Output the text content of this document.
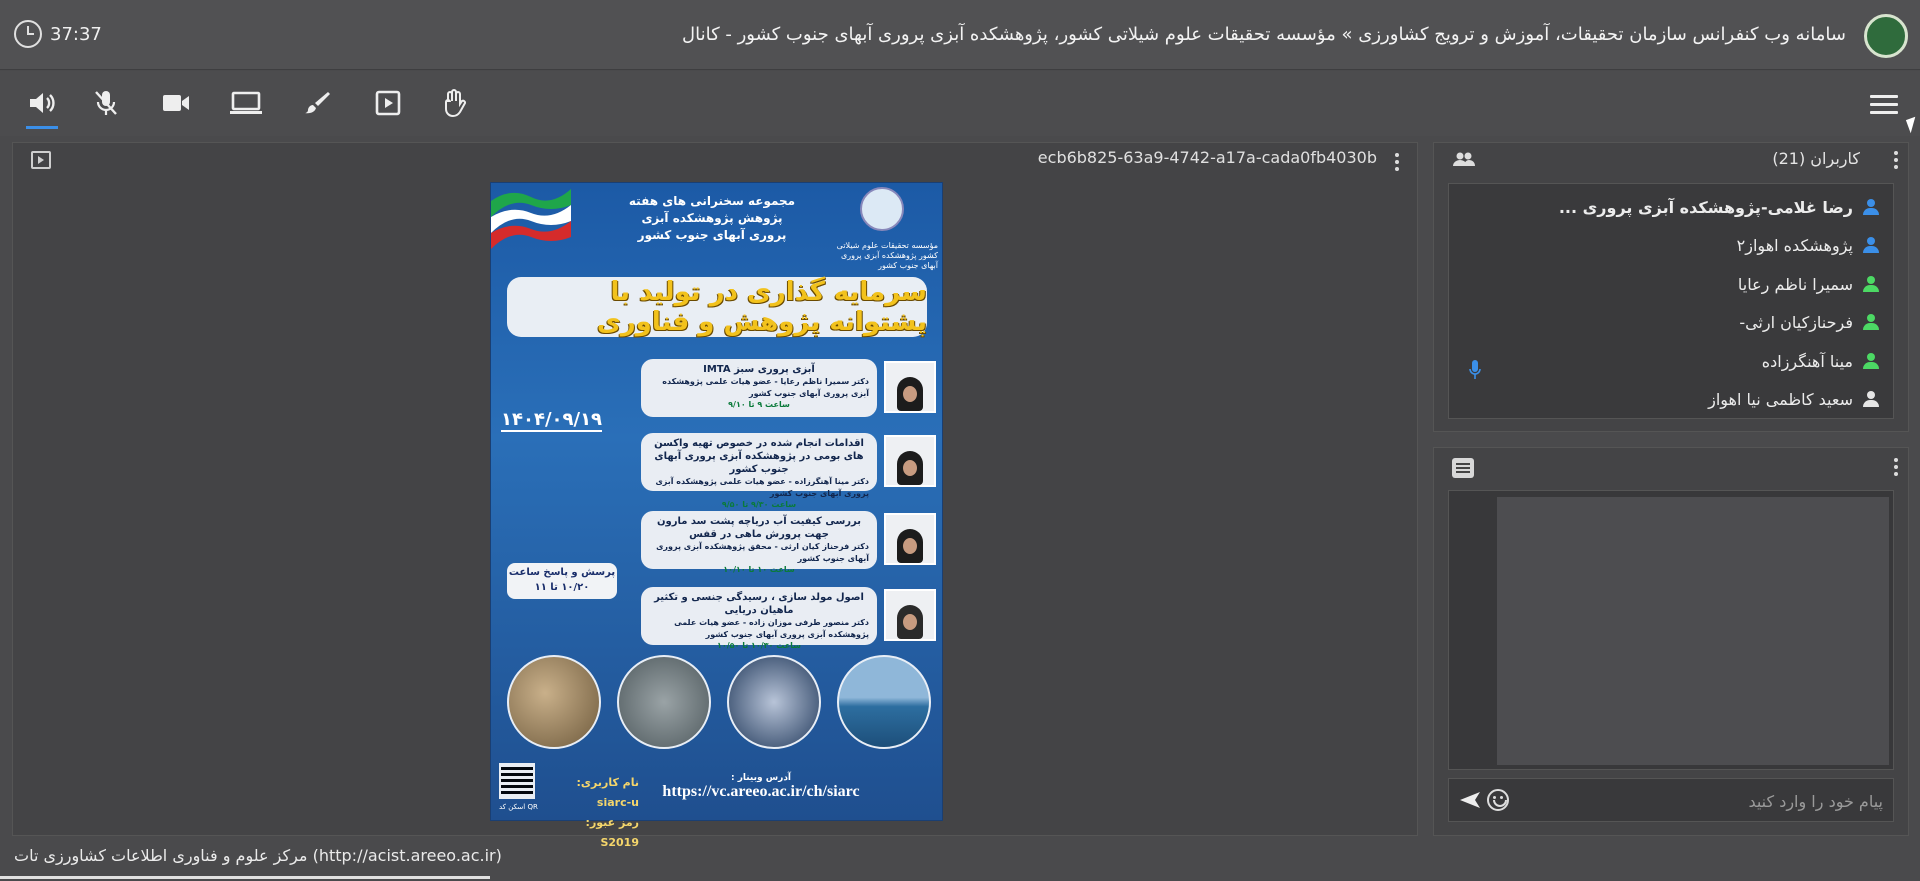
37:37	سامانه وب کنفرانس سازمان تحقیقات، آموزش و ترویج کشاورزی » مؤسسه تحقیقات علوم شیلاتی کشور، پژوهشکده آبزی پروری آبهای جنوب کشور - کانال
ecb6b825-63a9-4742-a17a-cada0fb4030b
مجموعه سخنرانی های هفته پژوهش پژوهشکده آبزی پروری آبهای جنوب کشور
مؤسسه تحقیقات علوم شیلاتی کشور پژوهشکده آبزی پروری آبهای جنوب کشور
سرمایه گذاری در تولید با پشتوانه پژوهش و فناوری
۱۴۰۴/۰۹/۱۹
پرسش و پاسخ ساعت ۱۰/۲۰ تا ۱۱
آبزی پروری سبز IMTA
دکتر سمیرا ناظم رعایا - عضو هیات علمی پژوهشکده آبزی پروری آبهای جنوب کشور
ساعت ۹ تا ۹/۱۰
اقدامات انجام شده در خصوص تهیه واکسن های بومی در پژوهشکده آبزی پروری آبهای جنوب کشور
دکتر مینا آهنگرزاده - عضو هیات علمی پژوهشکده آبزی پروری آبهای جنوب کشور
ساعت ۹/۳۰ تا ۹/۵۰
بررسی کیفیت آب دریاچه پشت سد مارون جهت پرورش ماهی در قفس
دکتر فرحناز کیان ارثی - محقق پژوهشکده آبزی پروری آبهای جنوب کشور
ساعت ۱۰ تا ۱۰/۱۰
اصول مولد سازی ، رسیدگی جنسی و تکثیر ماهیان دریایی
دکتر منصور طرفی موزان زاده - عضو هیات علمی پژوهشکده آبزی پروری آبهای جنوب کشور
ساعت ۱۰/۳۰ تا ۱۰/۵۰
اسکن کد QR
نام کاربری: siarc-u
رمز عبور: S2019
آدرس وبینار :
https://vc.areeo.ac.ir/ch/siarc
کاربران (21)
رضا غلامی-پژوهشکده آبزی پروری ...
پژوهشکده اهواز۲
سمیرا ناظم رعایا
فرحنازکیان ارثی-
مینا آهنگرزاده
سعید کاظمی نیا اهواز
پیام خود را وارد کنید
مرکز علوم و فناوری اطلاعات کشاورزی تات (http://acist.areeo.ac.ir)
